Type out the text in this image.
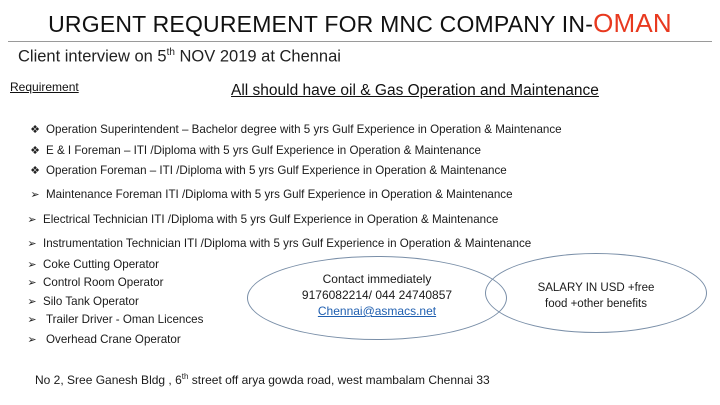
URGENT REQUREMENT FOR MNC COMPANY IN-OMAN
Client interview on 5th NOV 2019 at Chennai
Requirement	All should have oil & Gas Operation and Maintenance
❖ Operation Superintendent – Bachelor degree with 5 yrs Gulf Experience in Operation & Maintenance
❖ E & I Foreman – ITI /Diploma with 5 yrs Gulf Experience in Operation & Maintenance
❖ Operation Foreman – ITI /Diploma with 5 yrs Gulf Experience in Operation & Maintenance
➢ Maintenance Foreman ITI /Diploma with 5 yrs Gulf Experience in Operation & Maintenance
➢ Electrical Technician ITI /Diploma with 5 yrs Gulf Experience in Operation & Maintenance
➢ Instrumentation Technician ITI /Diploma with 5 yrs Gulf Experience in Operation & Maintenance
➢ Coke Cutting Operator
➢ Control Room Operator
➢ Silo Tank Operator
➢ Trailer Driver - Oman Licences
➢ Overhead Crane Operator
Contact immediately
9176082214/ 044 24740857
Chennai@asmacs.net
SALARY IN USD +free
food +other benefits
No 2, Sree Ganesh Bldg , 6th street off arya gowda road, west mambalam Chennai 33
